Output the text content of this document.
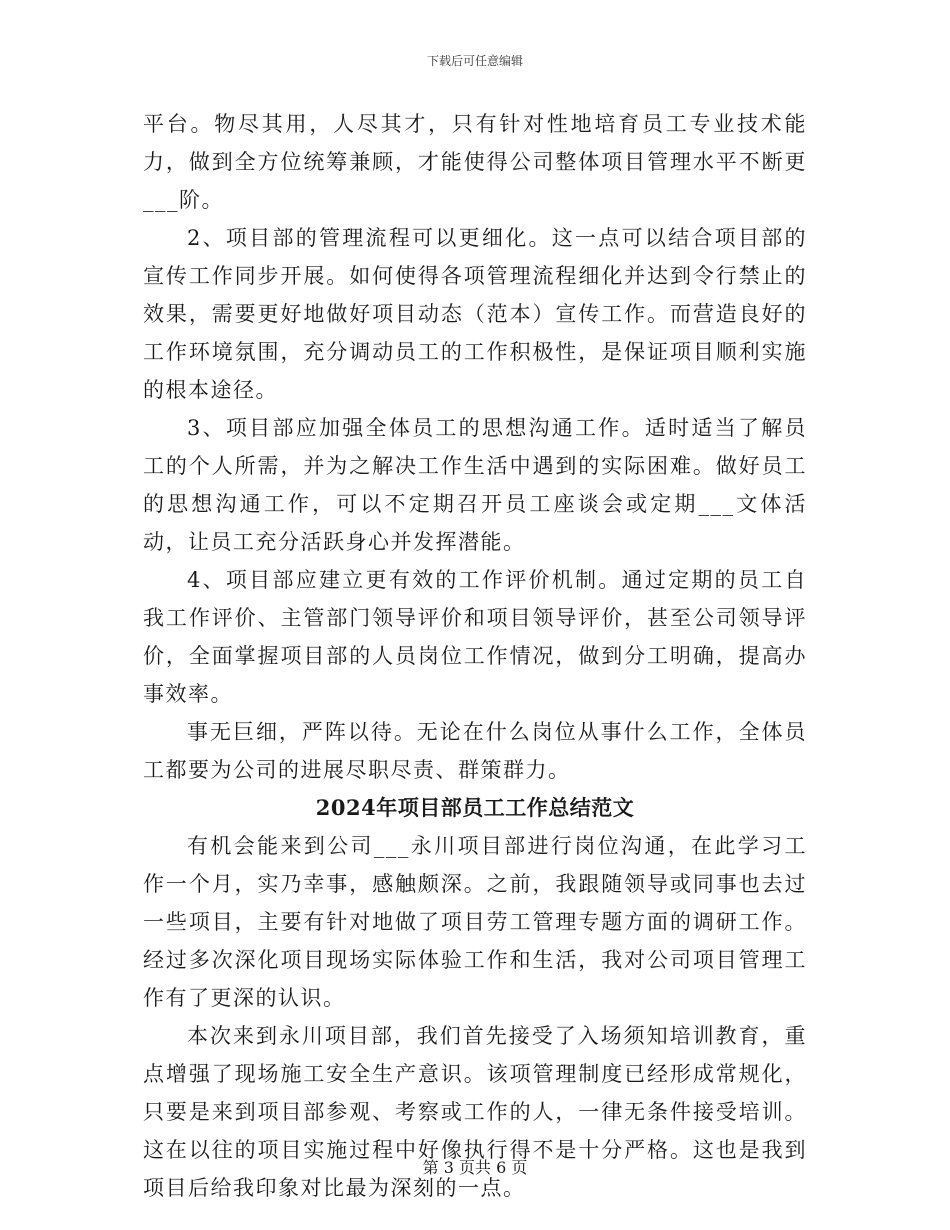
下载后可任意编辑

平台。物尽其用，人尽其才，只有针对性地培育员工专业技术能力，做到全方位统筹兼顾，才能使得公司整体项目管理水平不断更___阶。

2、项目部的管理流程可以更细化。这一点可以结合项目部的宣传工作同步开展。如何使得各项管理流程细化并达到令行禁止的效果，需要更好地做好项目动态（范本）宣传工作。而营造良好的工作环境氛围，充分调动员工的工作积极性，是保证项目顺利实施的根本途径。

3、项目部应加强全体员工的思想沟通工作。适时适当了解员工的个人所需，并为之解决工作生活中遇到的实际困难。做好员工的思想沟通工作，可以不定期召开员工座谈会或定期___文体活动，让员工充分活跃身心并发挥潜能。

4、项目部应建立更有效的工作评价机制。通过定期的员工自我工作评价、主管部门领导评价和项目领导评价，甚至公司领导评价，全面掌握项目部的人员岗位工作情况，做到分工明确，提高办事效率。

事无巨细，严阵以待。无论在什么岗位从事什么工作，全体员工都要为公司的进展尽职尽责、群策群力。

2024年项目部员工工作总结范文

有机会能来到公司___永川项目部进行岗位沟通，在此学习工作一个月，实乃幸事，感触颇深。之前，我跟随领导或同事也去过一些项目，主要有针对地做了项目劳工管理专题方面的调研工作。经过多次深化项目现场实际体验工作和生活，我对公司项目管理工作有了更深的认识。

本次来到永川项目部，我们首先接受了入场须知培训教育，重点增强了现场施工安全生产意识。该项管理制度已经形成常规化，只要是来到项目部参观、考察或工作的人，一律无条件接受培训。这在以往的项目实施过程中好像执行得不是十分严格。这也是我到项目后给我印象对比最为深刻的一点。

第 3 页共 6 页
